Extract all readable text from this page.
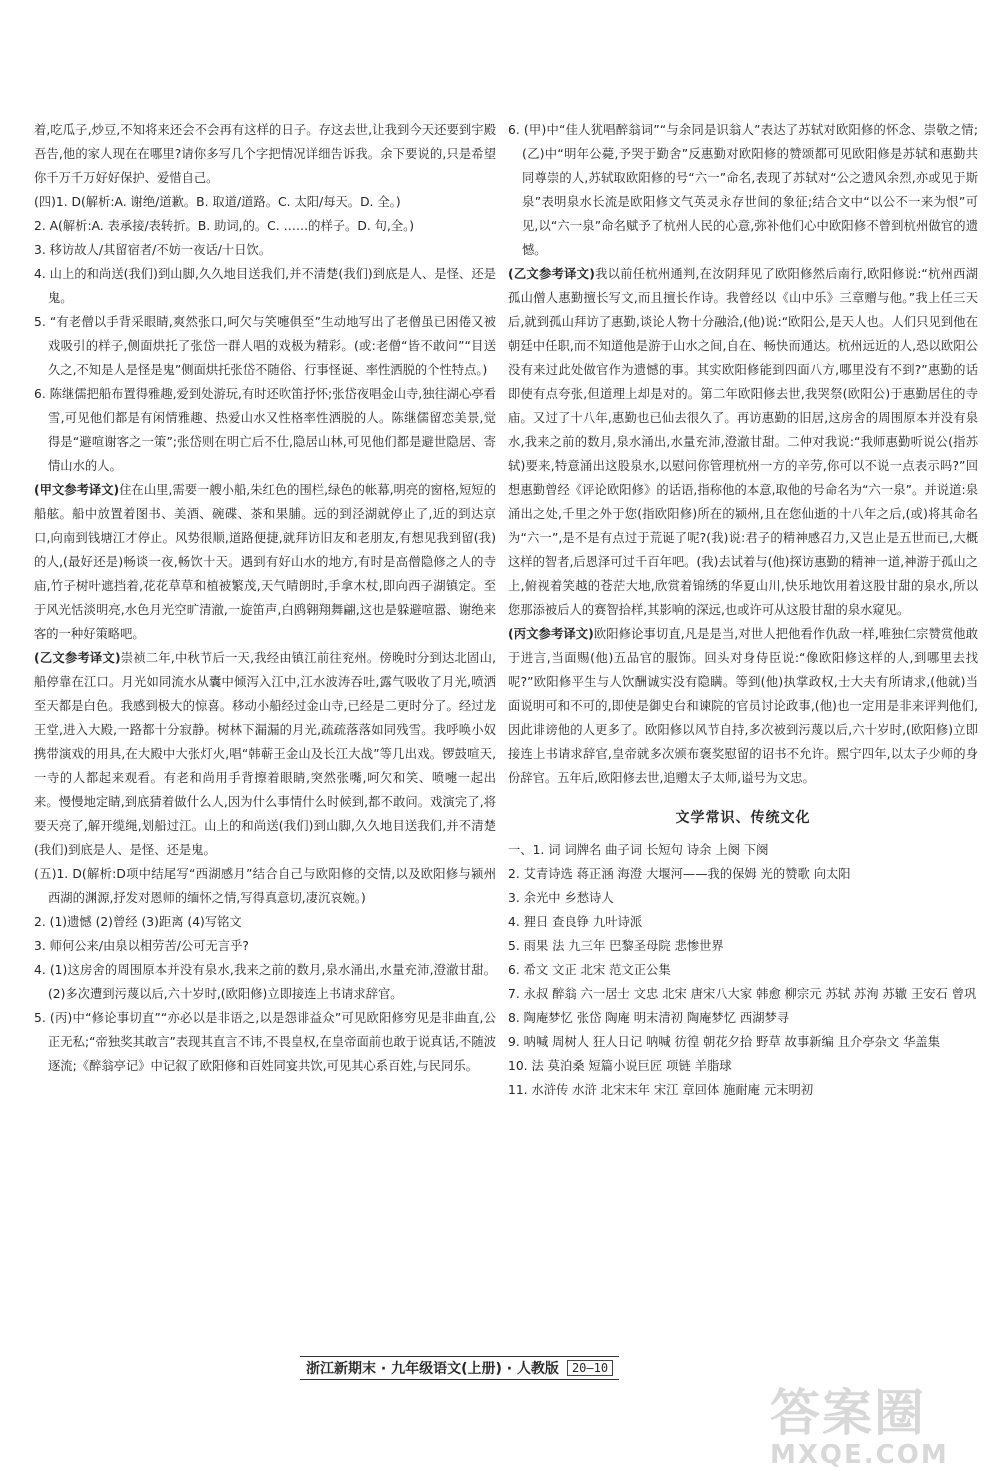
着,吃瓜子,炒豆,不知将来还会不会再有这样的日子。存这去世,让我到今天还要到宇殿吾告,他的家人现在在哪里?请你多写几个字把情况详细告诉我。余下要说的,只是希望你千万千万好好保护、爱惜自己。

(四)1. D(解析:A. 谢绝/道歉。B. 取道/道路。C. 太阳/每天。D. 全。)

2. A(解析:A. 表承接/表转折。B. 助词,的。C. ……的样子。D. 句,全。)

3. 移访故人/其留宿者/不妨一夜话/十日饮。

4. 山上的和尚送(我们)到山脚,久久地目送我们,并不清楚(我们)到底是人、是怪、还是鬼。

5. “有老僧以手背采眼睛,爽然张口,呵欠与笑嚏俱至”生动地写出了老僧虽已困倦又被戏吸引的样子,侧面烘托了张岱一群人唱的戏极为精彩。(或:老僧“皆不敢问”“目送久之,不知是人是怪是鬼”侧面烘托张岱不随俗、行事怪诞、率性洒脱的个性特点。)

6. 陈继儒把船布置得雅趣,爱到处游玩,有时还吹笛抒怀;张岱夜唱金山寺,独往湖心亭看雪,可见他们都是有闲情雅趣、热爱山水又性格率性洒脱的人。陈继儒留恋美景,觉得是“避喧谢客之一策”;张岱则在明亡后不仕,隐居山林,可见他们都是避世隐居、寄情山水的人。

(甲文参考译文)住在山里,需要一艘小船,朱红色的围栏,绿色的帐幕,明亮的窗格,短短的船舷。船中放置着图书、美酒、碗碟、茶和果脯。远的到泾湖就停止了,近的到达京口,向南到钱塘江才停止。风势很顺,道路便捷,就拜访旧友和老朋友,有想见我到留(我)的人,(最好还是)畅谈一夜,畅饮十天。遇到有好山水的地方,有时是高僧隐修之人的寺庙,竹子树叶遮挡着,花花草草和植被繁茂,天气晴朗时,手拿木杖,即向西子湖镇定。至于风光恬淡明亮,水色月光空旷清澈,一旋笛声,白鸥翱翔舞翩,这也是躲避喧嚣、谢绝来客的一种好策略吧。

(乙文参考译文)崇祯二年,中秋节后一天,我经由镇江前往兖州。傍晚时分到达北固山,船停靠在江口。月光如同流水从囊中倾泻入江中,江水波涛吞吐,露气吸收了月光,喷洒至天都是白色。我感到极大的惊喜。移动小船经过金山寺,已经是二更时分了。经过龙王堂,进入大殿,一路都十分寂静。树林下漏漏的月光,疏疏落落如同残雪。我呼唤小奴携带演戏的用具,在大殿中大张灯火,唱“韩蕲王金山及长江大战”等几出戏。锣鼓喧天,一寺的人都起来观看。有老和尚用手背擦着眼睛,突然张嘴,呵欠和笑、喷嚏一起出来。慢慢地定睛,到底猜着做什么人,因为什么事情什么时候到,都不敢问。戏演完了,将要天亮了,解开缆绳,划船过江。山上的和尚送(我们)到山脚,久久地目送我们,并不清楚(我们)到底是人、是怪、还是鬼。

(五)1. D(解析:D项中结尾写“西湖感月”结合自己与欧阳修的交情,以及欧阳修与颍州西湖的渊源,抒发对恩师的缅怀之情,写得真意切,凄沉哀婉。)

2. (1)遗憾 (2)曾经 (3)距离 (4)写铭文

3. 师何公来/由泉以相劳苦/公可无言乎?

4. (1)这房舍的周围原本并没有泉水,我来之前的数月,泉水涌出,水量充沛,澄澈甘甜。 (2)多次遭到污蔑以后,六十岁时,(欧阳修)立即接连上书请求辞官。

5. (丙)中“修论事切直”“亦必以是非语之,以是怨诽益众”可见欧阳修穷见是非曲直,公正无私;“帝独奖其敢言”表现其直言不讳,不畏皇权,在皇帝面前也敢于说真话,不随波逐流;《醉翁亭记》中记叙了欧阳修和百姓同宴共饮,可见其心系百姓,与民同乐。

6. (甲)中“佳人犹唱醉翁词”“与余同是识翁人”表达了苏轼对欧阳修的怀念、崇敬之情;(乙)中“明年公薨,予哭于勤舍”反惠勤对欧阳修的赞颂都可见欧阳修是苏轼和惠勤共同尊崇的人,苏轼取欧阳修的号“六一”命名,表现了苏轼对“公之遗风余烈,亦或见于斯泉”表明泉水长流是欧阳修文气英灵永存世间的象征;结合文中“以公不一来为恨”可见,以“六一泉”命名赋予了杭州人民的心意,弥补他们心中欧阳修不曾到杭州做官的遗憾。

(乙文参考译文)我以前任杭州通判,在汝阴拜见了欧阳修然后南行,欧阳修说:“杭州西湖孤山僧人惠勤擅长写文,而且擅长作诗。我曾经以《山中乐》三章赠与他。”我上任三天后,就到孤山拜访了惠勤,谈论人物十分融洽,(他)说:“欧阳公,是天人也。人们只见到他在朝廷中任职,而不知道他是游于山水之间,自在、畅快而通达。杭州远近的人,恐以欧阳公没有来过此处做官作为遗憾的事。其实欧阳修能到四面八方,哪里没有不到?”惠勤的话即使有点夸张,但道理上却是对的。第二年欧阳修去世,我哭祭(欧阳公)于惠勤居住的寺庙。又过了十八年,惠勤也已仙去很久了。再访惠勤的旧居,这房舍的周围原本并没有泉水,我来之前的数月,泉水涌出,水量充沛,澄澈甘甜。二仲对我说:“我师惠勤听说公(指苏轼)要来,特意涌出这股泉水,以慰问你管理杭州一方的辛劳,你可以不说一点表示吗?”回想惠勤曾经《评论欧阳修》的话语,指称他的本意,取他的号命名为“六一泉”。并说道:泉涌出之处,千里之外于您(指欧阳修)所在的颍州,且在您仙逝的十八年之后,(或)将其命名为“六一”,是不是有点过于荒诞了呢?(我)说:君子的精神感召力,又岂止是五世而已,大概这样的智者,后恩泽可过千百年吧。(我)去试着与(他)探访惠勤的精神一道,神游于孤山之上,俯视着笑越的苍茫大地,欣赏着锦绣的华夏山川,快乐地饮用着这股甘甜的泉水,所以您那添被后人的赛智拾样,其影响的深远,也或许可从这股甘甜的泉水窥见。

(丙文参考译文)欧阳修论事切直,凡是是当,对世人把他看作仇敌一样,唯独仁宗赞赏他敢于进言,当面赐(他)五品官的服饰。回头对身侍臣说:“像欧阳修这样的人,到哪里去找呢?”欧阳修平生与人饮酬诚实没有隐瞒。等到(他)执掌政权,士大夫有所请求,(他就)当面说明可和不可的,即使是御史台和谏院的官员讨论政事,(他)也一定用是非来评判他们,因此诽谤他的人更多了。欧阳修以风节自持,多次被到污蔑以后,六十岁时,(欧阳修)立即接连上书请求辞官,皇帝就多次颁布褒奖慰留的诏书不允许。熙宁四年,以太子少师的身份辞官。五年后,欧阳修去世,追赠太子太师,谥号为文忠。

文学常识、传统文化

一、1. 词 词牌名 曲子词 长短句 诗余 上阕 下阕

2. 艾青诗选 蒋正涵 海澄 大堰河——我的保姆 光的赞歌 向太阳

3. 余光中 乡愁诗人

4. 狸日 查良铮 九叶诗派

5. 雨果 法 九三年 巴黎圣母院 悲惨世界

6. 希文 文正 北宋 范文正公集

7. 永叔 醉翁 六一居士 文忠 北宋 唐宋八大家 韩愈 柳宗元 苏轼 苏洵 苏辙 王安石 曾巩

8. 陶庵梦忆 张岱 陶庵 明末清初 陶庵梦忆 西湖梦寻

9. 呐喊 周树人 狂人日记 呐喊 彷徨 朝花夕拾 野草 故事新编 且介亭杂文 华盖集

10. 法 莫泊桑 短篇小说巨匠 项链 羊脂球

11. 水浒传 水浒 北宋末年 宋江 章回体 施耐庵 元末明初

浙江新期末 · 九年级语文(上册) · 人教版	20—10
答案圈
MXQE.COM
